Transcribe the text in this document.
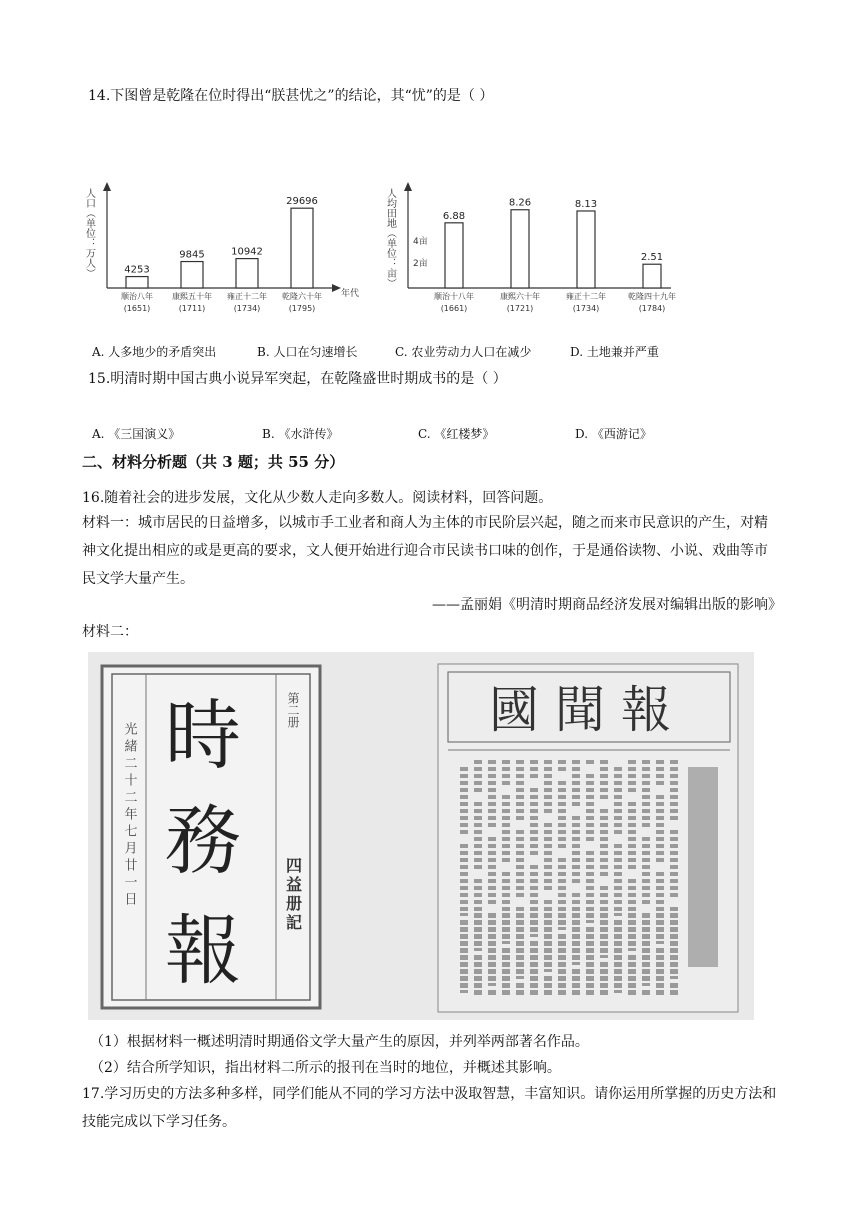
14.下图曾是乾隆在位时得出“朕甚忧之”的结论，其“忧”的是（ ）
人口（单位：万人）
年代
4253
顺治八年
(1651)
9845
康熙五十年
(1711)
10942
雍正十二年
(1734)
29696
乾隆六十年
(1795)
人均田地（单位：亩） 4亩
2亩
6.88
顺治十八年
(1661)
8.26
康熙六十年
(1721)
8.13
雍正十二年
(1734)
2.51
乾隆四十九年
(1784)
A. 人多地少的矛盾突出	B. 人口在匀速增长	C. 农业劳动力人口在减少	D. 土地兼并严重
15.明清时期中国古典小说异军突起，在乾隆盛世时期成书的是（ ）
A. 《三国演义》	B. 《水浒传》	C. 《红楼梦》	D. 《西游记》
二、材料分析题（共 3 题；共 55 分）
16.随着社会的进步发展，文化从少数人走向多数人。阅读材料，回答问题。
材料一：城市居民的日益增多，以城市手工业者和商人为主体的市民阶层兴起，随之而来市民意识的产生，对精神文化提出相应的或是更高的要求，文人便开始进行迎合市民读书口味的创作，于是通俗读物、小说、戏曲等市民文学大量产生。
——孟丽娟《明清时期商品经济发展对编辑出版的影响》
材料二：
時
務
報
光緒二十二年七月廿一日
第二册
四益册記
國聞報
（1）根据材料一概述明清时期通俗文学大量产生的原因，并列举两部著名作品。
（2）结合所学知识，指出材料二所示的报刊在当时的地位，并概述其影响。
17.学习历史的方法多种多样，同学们能从不同的学习方法中汲取智慧，丰富知识。请你运用所掌握的历史方法和技能完成以下学习任务。
